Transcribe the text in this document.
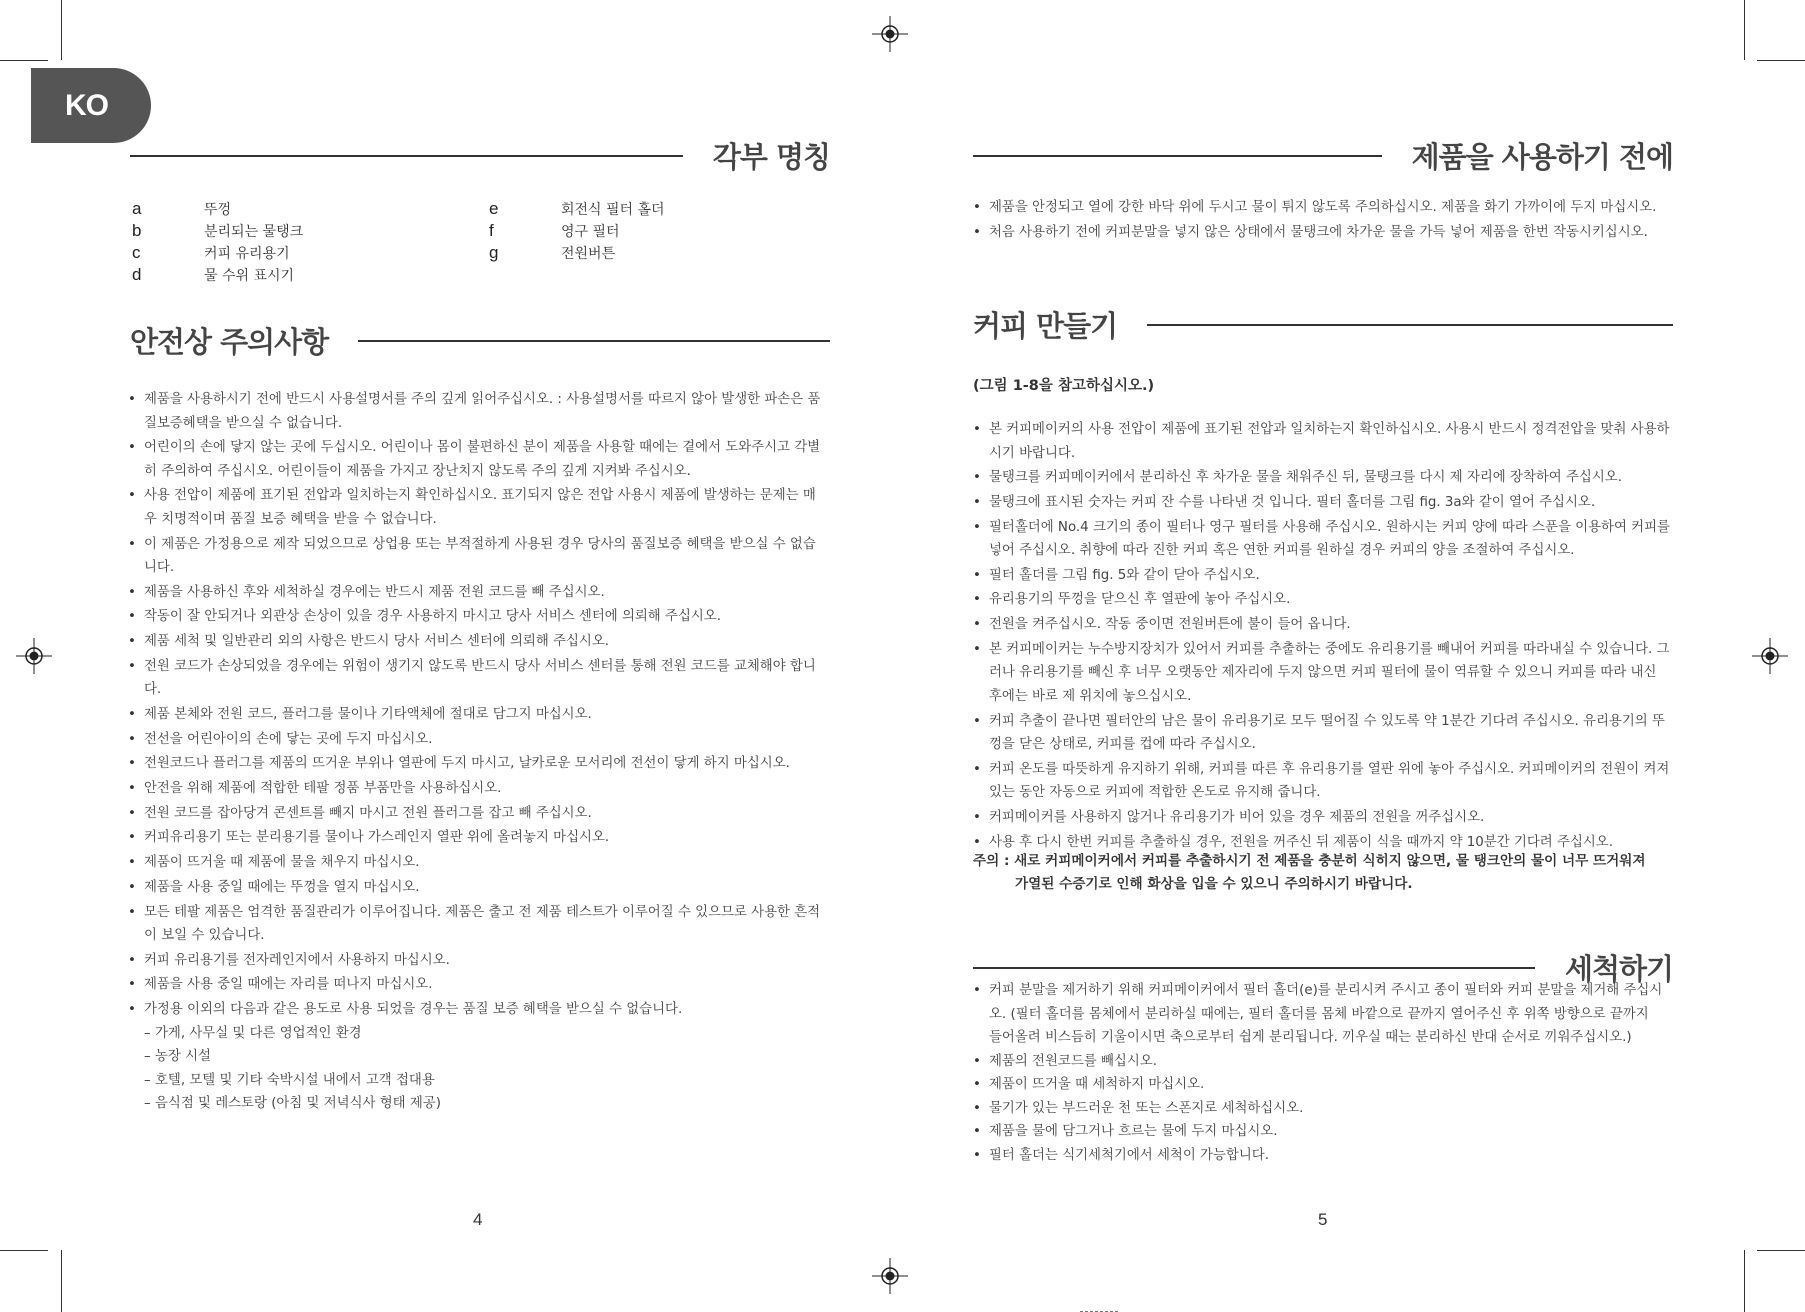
KO
각부 명칭
a	뚜껑
b	분리되는 물탱크
c	커피 유리용기
d	물 수위 표시기
e	회전식 필터 홀더
f	영구 필터
g	전원버튼
안전상 주의사항
• 제품을 사용하시기 전에 반드시 사용설명서를 주의 깊게 읽어주십시오. : 사용설명서를 따르지 않아 발생한 파손은 품질보증혜택을 받으실 수 없습니다.
• 어린이의 손에 닿지 않는 곳에 두십시오. 어린이나 몸이 불편하신 분이 제품을 사용할 때에는 곁에서 도와주시고 각별히 주의하여 주십시오. 어린이들이 제품을 가지고 장난치지 않도록 주의 깊게 지켜봐 주십시오.
• 사용 전압이 제품에 표기된 전압과 일치하는지 확인하십시오. 표기되지 않은 전압 사용시 제품에 발생하는 문제는 매우 치명적이며 품질 보증 혜택을 받을 수 없습니다.
• 이 제품은 가정용으로 제작 되었으므로 상업용 또는 부적절하게 사용된 경우 당사의 품질보증 혜택을 받으실 수 없습니다.
• 제품을 사용하신 후와 세척하실 경우에는 반드시 제품 전원 코드를 빼 주십시오.
• 작동이 잘 안되거나 외관상 손상이 있을 경우 사용하지 마시고 당사 서비스 센터에 의뢰해 주십시오.
• 제품 세척 및 일반관리 외의 사항은 반드시 당사 서비스 센터에 의뢰해 주십시오.
• 전원 코드가 손상되었을 경우에는 위험이 생기지 않도록 반드시 당사 서비스 센터를 통해 전원 코드를 교체해야 합니다.
• 제품 본체와 전원 코드, 플러그를 물이나 기타액체에 절대로 담그지 마십시오.
• 전선을 어린아이의 손에 닿는 곳에 두지 마십시오.
• 전원코드나 플러그를 제품의 뜨거운 부위나 열판에 두지 마시고, 날카로운 모서리에 전선이 닿게 하지 마십시오.
• 안전을 위해 제품에 적합한 테팔 정품 부품만을 사용하십시오.
• 전원 코드를 잡아당겨 콘센트를 빼지 마시고 전원 플러그를 잡고 빼 주십시오.
• 커피유리용기 또는 분리용기를 물이나 가스레인지 열판 위에 올려놓지 마십시오.
• 제품이 뜨거울 때 제품에 물을 채우지 마십시오.
• 제품을 사용 중일 때에는 뚜껑을 열지 마십시오.
• 모든 테팔 제품은 엄격한 품질관리가 이루어집니다. 제품은 출고 전 제품 테스트가 이루어질 수 있으므로 사용한 흔적이 보일 수 있습니다.
• 커피 유리용기를 전자레인지에서 사용하지 마십시오.
• 제품을 사용 중일 때에는 자리를 떠나지 마십시오.
• 가정용 이외의 다음과 같은 용도로 사용 되었을 경우는 품질 보증 혜택을 받으실 수 없습니다.
– 가게, 사무실 및 다른 영업적인 환경
– 농장 시설
– 호텔, 모텔 및 기타 숙박시설 내에서 고객 접대용
– 음식점 및 레스토랑 (아침 및 저녁식사 형태 제공)
4
제품을 사용하기 전에
• 제품을 안정되고 열에 강한 바닥 위에 두시고 물이 튀지 않도록 주의하십시오. 제품을 화기 가까이에 두지 마십시오.
• 처음 사용하기 전에 커피분말을 넣지 않은 상태에서 물탱크에 차가운 물을 가득 넣어 제품을 한번 작동시키십시오.
커피 만들기
(그림 1-8을 참고하십시오.)
• 본 커피메이커의 사용 전압이 제품에 표기된 전압과 일치하는지 확인하십시오. 사용시 반드시 정격전압을 맞춰 사용하시기 바랍니다.
• 물탱크를 커피메이커에서 분리하신 후 차가운 물을 채워주신 뒤, 물탱크를 다시 제 자리에 장착하여 주십시오.
• 물탱크에 표시된 숫자는 커피 잔 수를 나타낸 것 입니다. 필터 홀더를 그림 fig. 3a와 같이 열어 주십시오.
• 필터홀더에 No.4 크기의 종이 필터나 영구 필터를 사용해 주십시오. 원하시는 커피 양에 따라 스푼을 이용하여 커피를 넣어 주십시오. 취향에 따라 진한 커피 혹은 연한 커피를 원하실 경우 커피의 양을 조절하여 주십시오.
• 필터 홀더를 그림 fig. 5와 같이 닫아 주십시오.
• 유리용기의 뚜껑을 닫으신 후 열판에 놓아 주십시오.
• 전원을 켜주십시오. 작동 중이면 전원버튼에 불이 들어 옵니다.
• 본 커피메이커는 누수방지장치가 있어서 커피를 추출하는 중에도 유리용기를 빼내어 커피를 따라내실 수 있습니다. 그러나 유리용기를 빼신 후 너무 오랫동안 제자리에 두지 않으면 커피 필터에 물이 역류할 수 있으니 커피를 따라 내신 후에는 바로 제 위치에 놓으십시오.
• 커피 추출이 끝나면 필터안의 남은 물이 유리용기로 모두 떨어질 수 있도록 약 1분간 기다려 주십시오. 유리용기의 뚜껑을 닫은 상태로, 커피를 컵에 따라 주십시오.
• 커피 온도를 따뜻하게 유지하기 위해, 커피를 따른 후 유리용기를 열판 위에 놓아 주십시오. 커피메이커의 전원이 켜져있는 동안 자동으로 커피에 적합한 온도로 유지해 줍니다.
• 커피메이커를 사용하지 않거나 유리용기가 비어 있을 경우 제품의 전원을 꺼주십시오.
• 사용 후 다시 한번 커피를 추출하실 경우, 전원을 꺼주신 뒤 제품이 식을 때까지 약 10분간 기다려 주십시오.
주의 : 새로 커피메이커에서 커피를 추출하시기 전 제품을 충분히 식히지 않으면, 물 탱크안의 물이 너무 뜨거워져
가열된 수증기로 인해 화상을 입을 수 있으니 주의하시기 바랍니다.
세척하기
• 커피 분말을 제거하기 위해 커피메이커에서 필터 홀더(e)를 분리시켜 주시고 종이 필터와 커피 분말을 제거해 주십시오. (필터 홀더를 몸체에서 분리하실 때에는, 필터 홀더를 몸체 바깥으로 끝까지 열어주신 후 위쪽 방향으로 끝까지 들어올려 비스듬히 기울이시면 축으로부터 쉽게 분리됩니다. 끼우실 때는 분리하신 반대 순서로 끼워주십시오.)
• 제품의 전원코드를 빼십시오.
• 제품이 뜨거울 때 세척하지 마십시오.
• 물기가 있는 부드러운 천 또는 스폰지로 세척하십시오.
• 제품을 물에 담그거나 흐르는 물에 두지 마십시오.
• 필터 홀더는 식기세척기에서 세척이 가능합니다.
5
